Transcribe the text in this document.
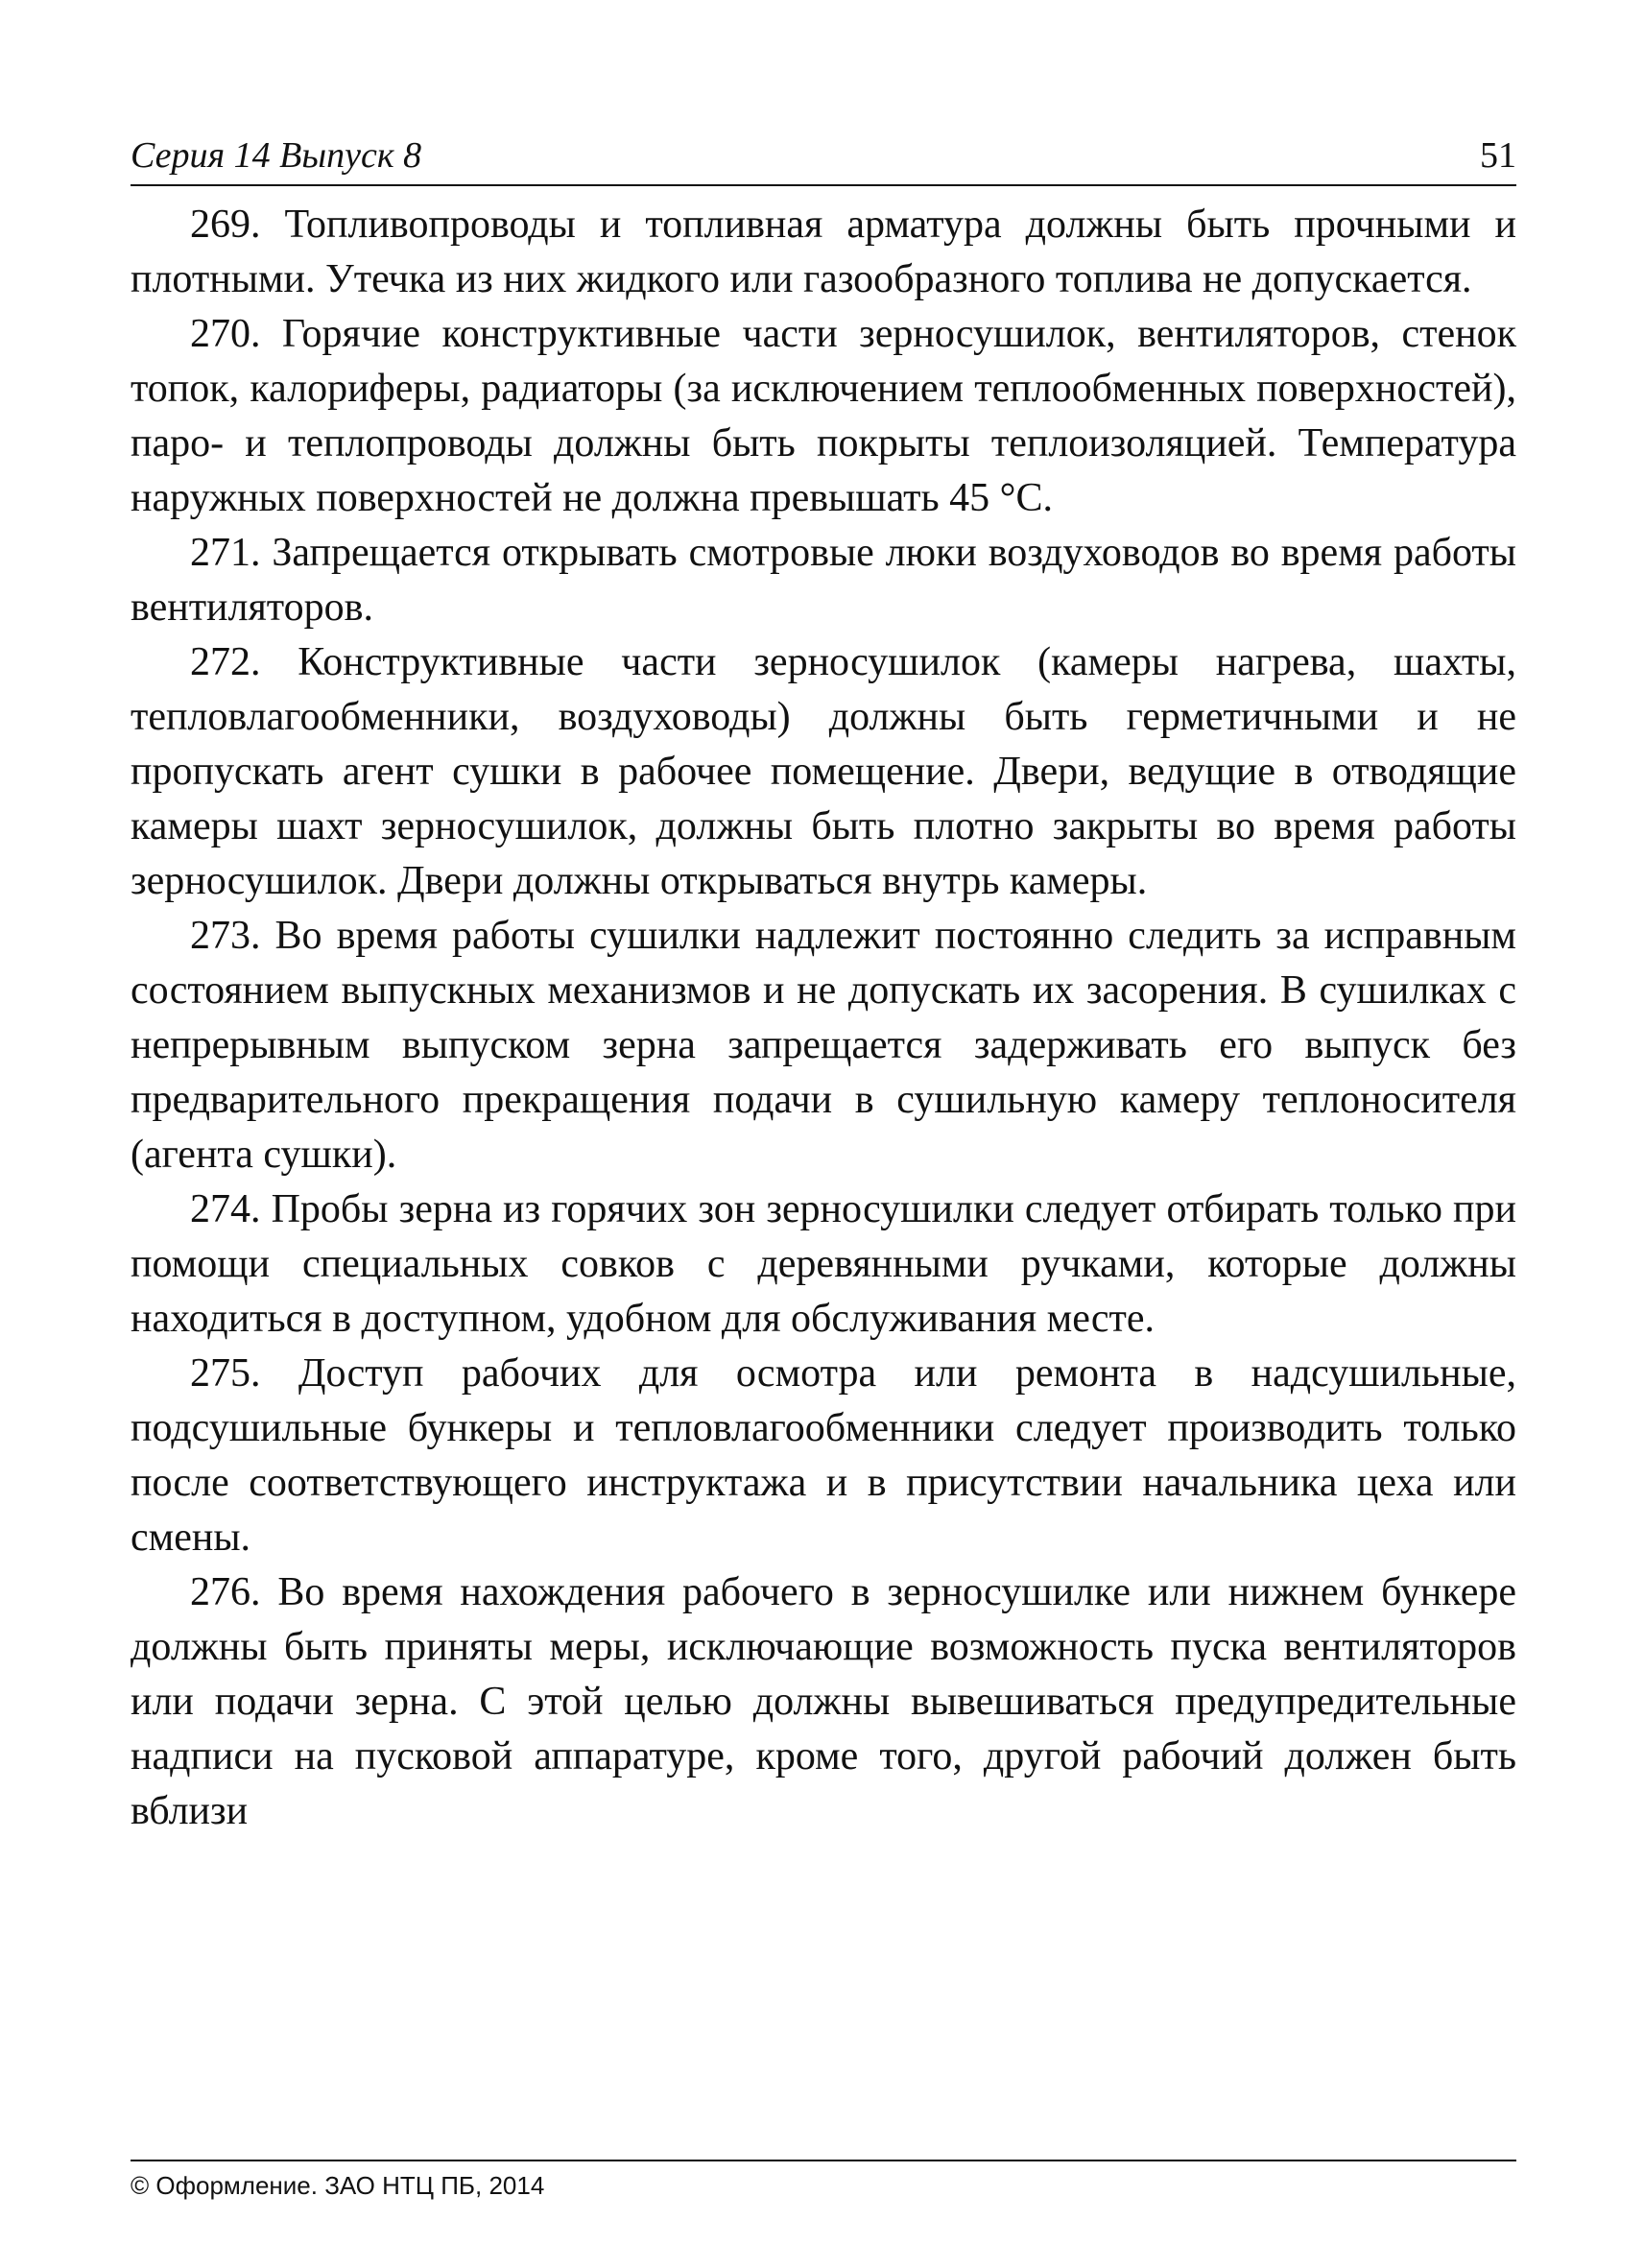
Серия 14 Выпуск 8	51

269. Топливопроводы и топливная арматура должны быть прочными и плотными. Утечка из них жидкого или газообразного топлива не допускается.

270. Горячие конструктивные части зерносушилок, вентиляторов, стенок топок, калориферы, радиаторы (за исключением теплообменных поверхностей), паро- и теплопроводы должны быть покрыты теплоизоляцией. Температура наружных поверхностей не должна превышать 45 °С.

271. Запрещается открывать смотровые люки воздуховодов во время работы вентиляторов.

272. Конструктивные части зерносушилок (камеры нагрева, шахты, тепловлагообменники, воздуховоды) должны быть герметичными и не пропускать агент сушки в рабочее помещение. Двери, ведущие в отводящие камеры шахт зерносушилок, должны быть плотно закрыты во время работы зерносушилок. Двери должны открываться внутрь камеры.

273. Во время работы сушилки надлежит постоянно следить за исправным состоянием выпускных механизмов и не допускать их засорения. В сушилках с непрерывным выпуском зерна запрещается задерживать его выпуск без предварительного прекращения подачи в сушильную камеру теплоносителя (агента сушки).

274. Пробы зерна из горячих зон зерносушилки следует отбирать только при помощи специальных совков с деревянными ручками, которые должны находиться в доступном, удобном для обслуживания месте.

275. Доступ рабочих для осмотра или ремонта в надсушильные, подсушильные бункеры и тепловлагообменники следует производить только после соответствующего инструктажа и в присутствии начальника цеха или смены.

276. Во время нахождения рабочего в зерносушилке или нижнем бункере должны быть приняты меры, исключающие возможность пуска вентиляторов или подачи зерна. С этой целью должны вывешиваться предупредительные надписи на пусковой аппаратуре, кроме того, другой рабочий должен быть вблизи

© Оформление. ЗАО НТЦ ПБ, 2014
